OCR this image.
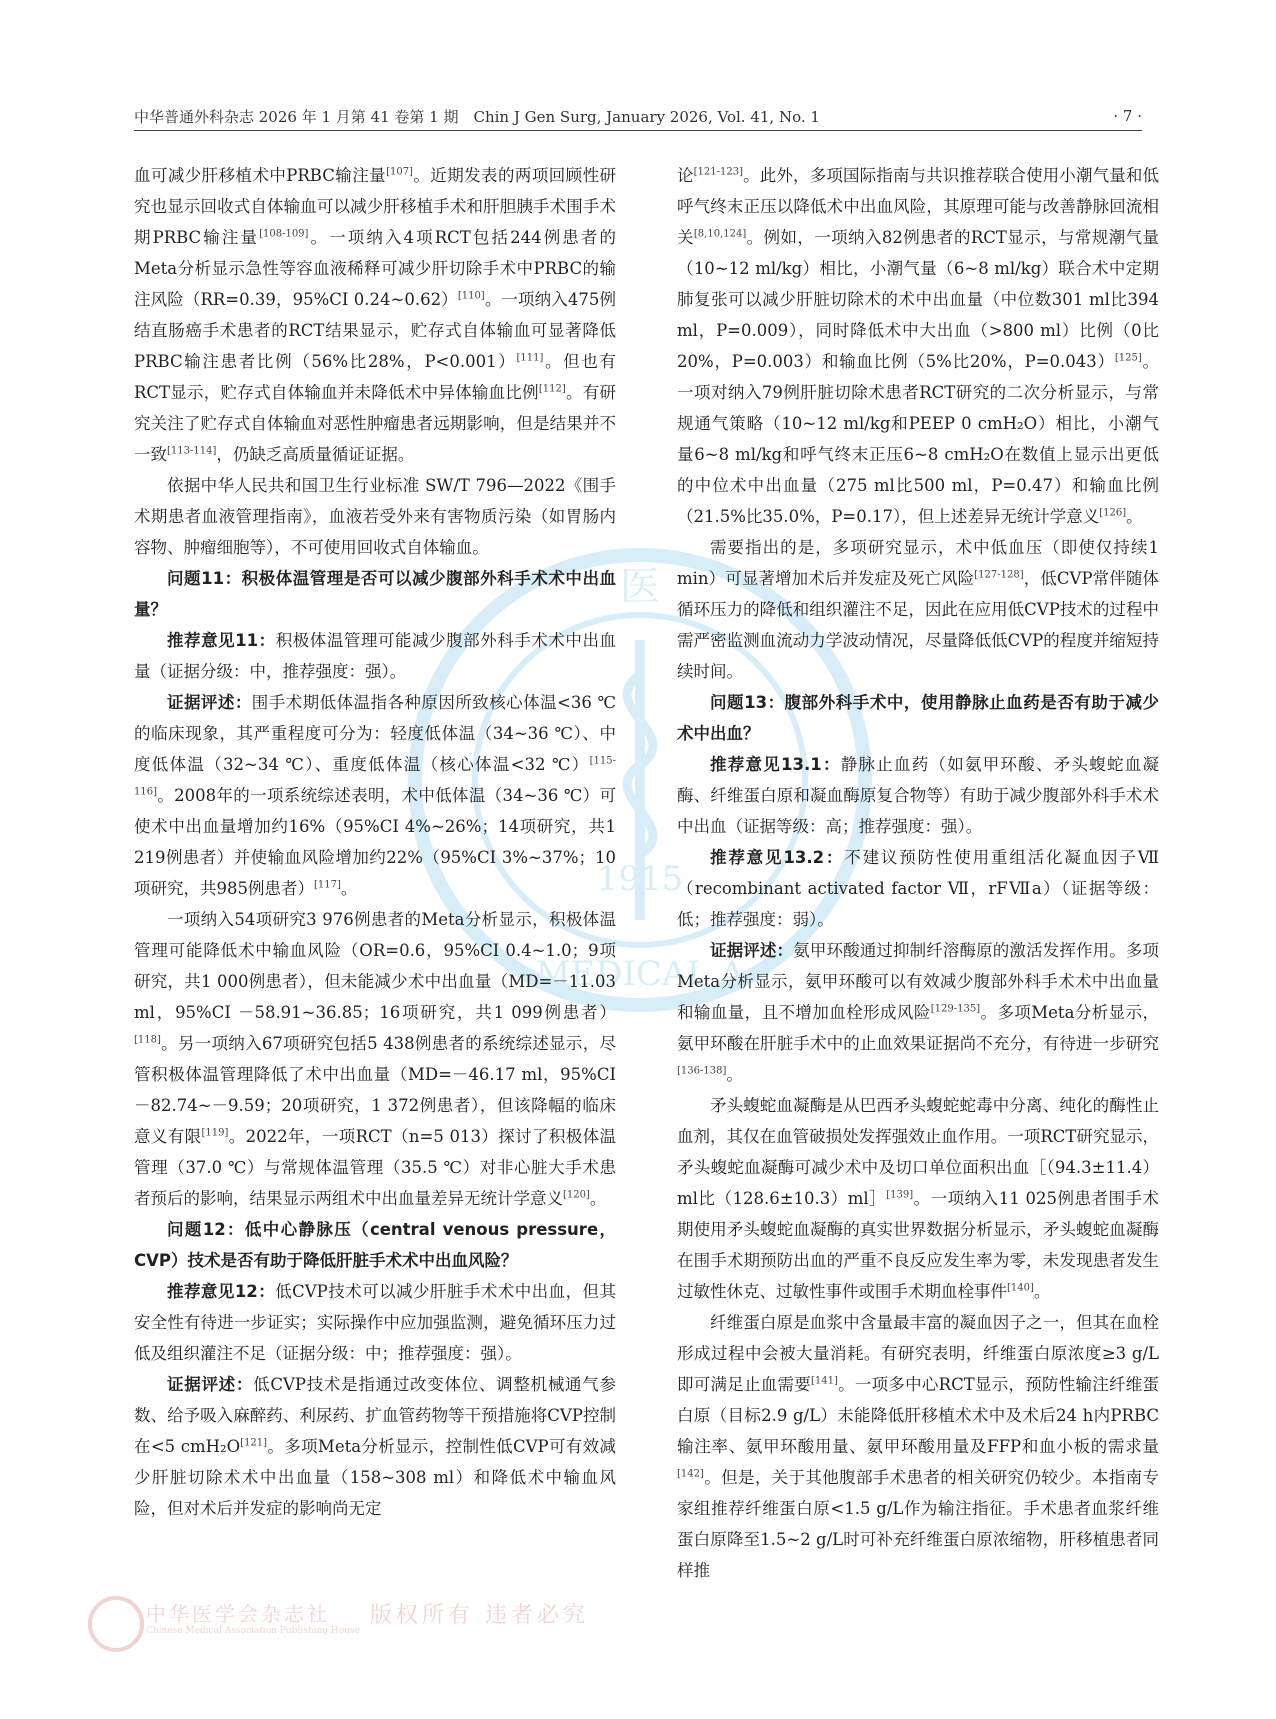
中华普通外科杂志 2026 年 1 月第 41 卷第 1 期　Chin J Gen Surg, January 2026, Vol. 41, No. 1	· 7 ·
医
1915
MEDICAL A

血可减少肝移植术中PRBC输注量[107]。近期发表的两项回顾性研究也显示回收式自体输血可以减少肝移植手术和肝胆胰手术围手术期PRBC输注量[108-109]。一项纳入4项RCT包括244例患者的Meta分析显示急性等容血液稀释可减少肝切除手术中PRBC的输注风险（RR=0.39，95%CI 0.24~0.62）[110]。一项纳入475例结直肠癌手术患者的RCT结果显示，贮存式自体输血可显著降低PRBC输注患者比例（56%比28%，P<0.001）[111]。但也有RCT显示，贮存式自体输血并未降低术中异体输血比例[112]。有研究关注了贮存式自体输血对恶性肿瘤患者远期影响，但是结果并不一致[113-114]，仍缺乏高质量循证证据。

依据中华人民共和国卫生行业标准 SW/T 796—2022《围手术期患者血液管理指南》，血液若受外来有害物质污染（如胃肠内容物、肿瘤细胞等），不可使用回收式自体输血。

问题11：积极体温管理是否可以减少腹部外科手术术中出血量？

推荐意见11：积极体温管理可能减少腹部外科手术术中出血量（证据分级：中，推荐强度：强）。

证据评述：围手术期低体温指各种原因所致核心体温<36 ℃的临床现象，其严重程度可分为：轻度低体温（34~36 ℃）、中度低体温（32~34 ℃）、重度低体温（核心体温<32 ℃）[115-116]。2008年的一项系统综述表明，术中低体温（34~36 ℃）可使术中出血量增加约16%（95%CI 4%~26%；14项研究，共1 219例患者）并使输血风险增加约22%（95%CI 3%~37%；10项研究，共985例患者）[117]。

一项纳入54项研究3 976例患者的Meta分析显示，积极体温管理可能降低术中输血风险（OR=0.6，95%CI 0.4~1.0；9项研究，共1 000例患者），但未能减少术中出血量（MD=－11.03 ml，95%CI －58.91~36.85；16项研究，共1 099例患者）[118]。另一项纳入67项研究包括5 438例患者的系统综述显示，尽管积极体温管理降低了术中出血量（MD=－46.17 ml，95%CI －82.74~－9.59；20项研究，1 372例患者），但该降幅的临床意义有限[119]。2022年，一项RCT（n=5 013）探讨了积极体温管理（37.0 ℃）与常规体温管理（35.5 ℃）对非心脏大手术患者预后的影响，结果显示两组术中出血量差异无统计学意义[120]。

问题12：低中心静脉压（central venous pressure，CVP）技术是否有助于降低肝脏手术术中出血风险？

推荐意见12：低CVP技术可以减少肝脏手术术中出血，但其安全性有待进一步证实；实际操作中应加强监测，避免循环压力过低及组织灌注不足（证据分级：中；推荐强度：强）。

证据评述：低CVP技术是指通过改变体位、调整机械通气参数、给予吸入麻醉药、利尿药、扩血管药物等干预措施将CVP控制在<5 cmH₂O[121]。多项Meta分析显示，控制性低CVP可有效减少肝脏切除术术中出血量（158~308 ml）和降低术中输血风险，但对术后并发症的影响尚无定

论[121-123]。此外，多项国际指南与共识推荐联合使用小潮气量和低呼气终末正压以降低术中出血风险，其原理可能与改善静脉回流相关[8,10,124]。例如，一项纳入82例患者的RCT显示，与常规潮气量（10~12 ml/kg）相比，小潮气量（6~8 ml/kg）联合术中定期肺复张可以减少肝脏切除术的术中出血量（中位数301 ml比394 ml，P=0.009），同时降低术中大出血（>800 ml）比例（0比20%，P=0.003）和输血比例（5%比20%，P=0.043）[125]。一项对纳入79例肝脏切除术患者RCT研究的二次分析显示，与常规通气策略（10~12 ml/kg和PEEP 0 cmH₂O）相比，小潮气量6~8 ml/kg和呼气终末正压6~8 cmH₂O在数值上显示出更低的中位术中出血量（275 ml比500 ml，P=0.47）和输血比例（21.5%比35.0%，P=0.17），但上述差异无统计学意义[126]。

需要指出的是，多项研究显示，术中低血压（即使仅持续1 min）可显著增加术后并发症及死亡风险[127-128]，低CVP常伴随体循环压力的降低和组织灌注不足，因此在应用低CVP技术的过程中需严密监测血流动力学波动情况，尽量降低低CVP的程度并缩短持续时间。

问题13：腹部外科手术中，使用静脉止血药是否有助于减少术中出血？

推荐意见13.1：静脉止血药（如氨甲环酸、矛头蝮蛇血凝酶、纤维蛋白原和凝血酶原复合物等）有助于减少腹部外科手术术中出血（证据等级：高；推荐强度：强）。

推荐意见13.2：不建议预防性使用重组活化凝血因子Ⅶ（recombinant activated factor Ⅶ，rFⅦa）（证据等级：低；推荐强度：弱）。

证据评述：氨甲环酸通过抑制纤溶酶原的激活发挥作用。多项Meta分析显示，氨甲环酸可以有效减少腹部外科手术术中出血量和输血量，且不增加血栓形成风险[129-135]。多项Meta分析显示，氨甲环酸在肝脏手术中的止血效果证据尚不充分，有待进一步研究[136-138]。

矛头蝮蛇血凝酶是从巴西矛头蝮蛇蛇毒中分离、纯化的酶性止血剂，其仅在血管破损处发挥强效止血作用。一项RCT研究显示，矛头蝮蛇血凝酶可减少术中及切口单位面积出血［（94.3±11.4）ml比（128.6±10.3）ml］[139]。一项纳入11 025例患者围手术期使用矛头蝮蛇血凝酶的真实世界数据分析显示，矛头蝮蛇血凝酶在围手术期预防出血的严重不良反应发生率为零，未发现患者发生过敏性休克、过敏性事件或围手术期血栓事件[140]。

纤维蛋白原是血浆中含量最丰富的凝血因子之一，但其在血栓形成过程中会被大量消耗。有研究表明，纤维蛋白原浓度≥3 g/L即可满足止血需要[141]。一项多中心RCT显示，预防性输注纤维蛋白原（目标2.9 g/L）未能降低肝移植术术中及术后24 h内PRBC输注率、氨甲环酸用量、氨甲环酸用量及FFP和血小板的需求量[142]。但是，关于其他腹部手术患者的相关研究仍较少。本指南专家组推荐纤维蛋白原<1.5 g/L作为输注指征。手术患者血浆纤维蛋白原降至1.5~2 g/L时可补充纤维蛋白原浓缩物，肝移植患者同样推

中华医学会杂志社
Chinese Medical Association Publishing House
版权所有 违者必究
